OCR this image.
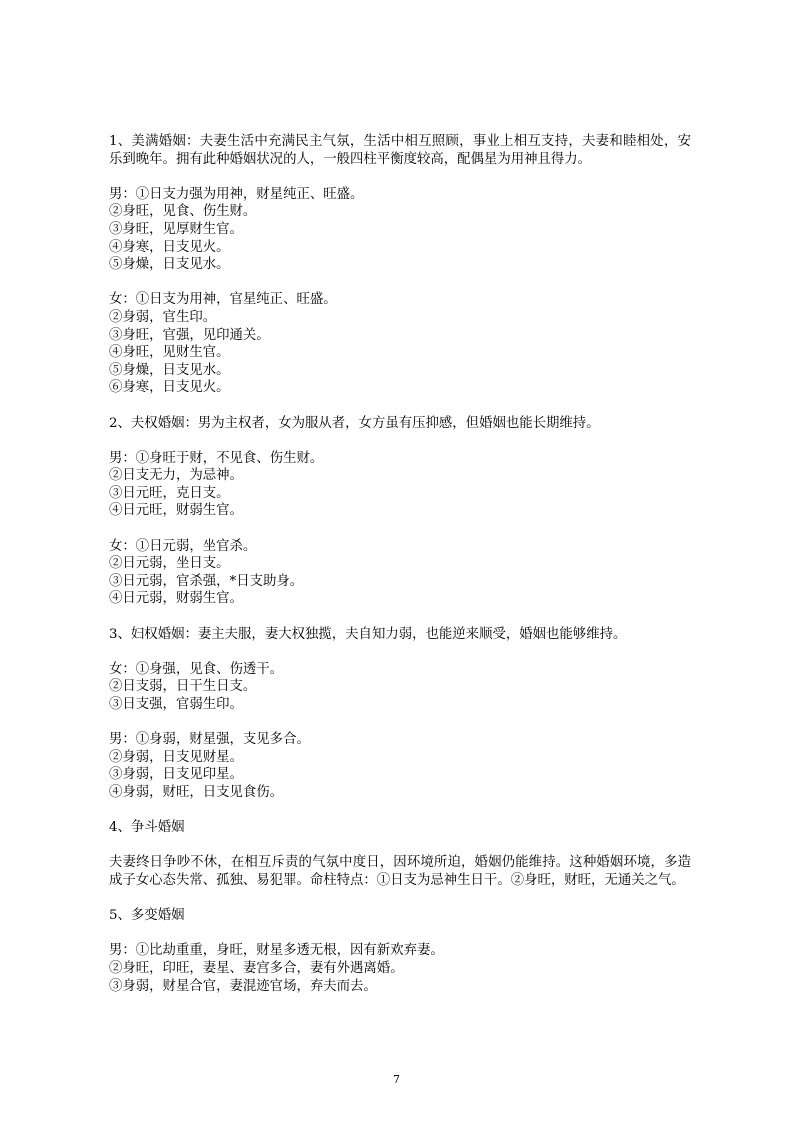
1、美满婚姻：夫妻生活中充满民主气氛，生活中相互照顾，事业上相互支持，夫妻和睦相处，安乐到晚年。拥有此种婚姻状况的人，一般四柱平衡度较高，配偶星为用神且得力。
男：①日支力强为用神，财星纯正、旺盛。
②身旺，见食、伤生财。
③身旺，见厚财生官。
④身寒，日支见火。
⑤身燥，日支见水。
女：①日支为用神，官星纯正、旺盛。
②身弱，官生印。
③身旺，官强，见印通关。
④身旺，见财生官。
⑤身燥，日支见水。
⑥身寒，日支见火。
2、夫权婚姻：男为主权者，女为服从者，女方虽有压抑感，但婚姻也能长期维持。
男：①身旺于财，不见食、伤生财。
②日支无力，为忌神。
③日元旺，克日支。
④日元旺，财弱生官。
女：①日元弱，坐官杀。
②日元弱，坐日支。
③日元弱，官杀强，*日支助身。
④日元弱，财弱生官。
3、妇权婚姻：妻主夫服，妻大权独揽，夫自知力弱，也能逆来顺受，婚姻也能够维持。
女：①身强，见食、伤透干。
②日支弱，日干生日支。
③日支强，官弱生印。
男：①身弱，财星强，支见多合。
②身弱，日支见财星。
③身弱，日支见印星。
④身弱，财旺，日支见食伤。
4、争斗婚姻
夫妻终日争吵不休，在相互斥责的气氛中度日，因环境所迫，婚姻仍能维持。这种婚姻环境，多造成子女心态失常、孤独、易犯罪。命柱特点：①日支为忌神生日干。②身旺，财旺，无通关之气。
5、多变婚姻
男：①比劫重重，身旺，财星多透无根，因有新欢弃妻。
②身旺，印旺，妻星、妻宫多合，妻有外遇离婚。
③身弱，财星合官，妻混迹官场，弃夫而去。
7
